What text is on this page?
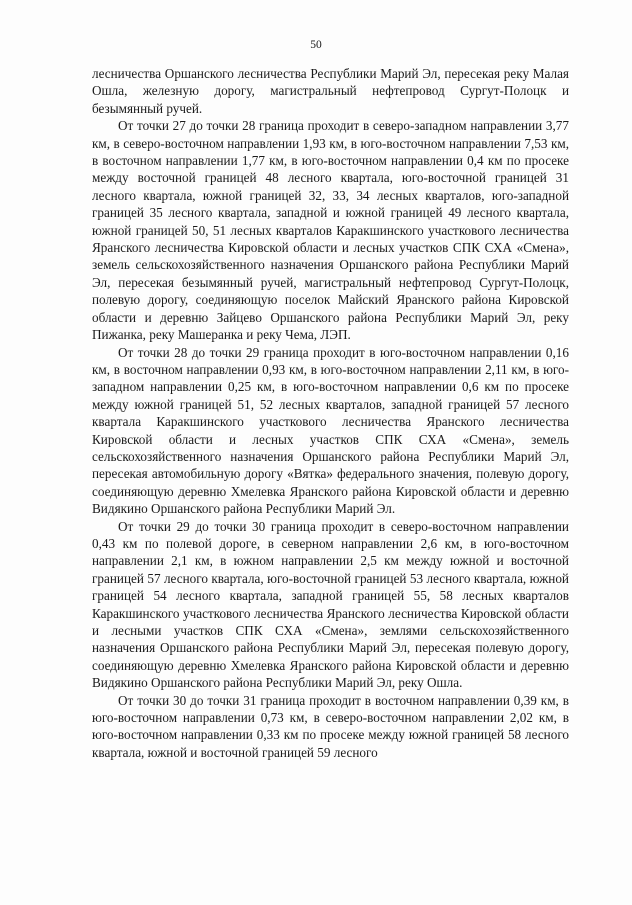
50

лесничества Оршанского лесничества Республики Марий Эл, пересекая реку Малая Ошла, железную дорогу, магистральный нефтепровод Сургут-Полоцк и безымянный ручей.

От точки 27 до точки 28 граница проходит в северо-западном направлении 3,77 км, в северо-восточном направлении 1,93 км, в юго-восточном направлении 7,53 км, в восточном направлении 1,77 км, в юго-восточном направлении 0,4 км по просеке между восточной границей 48 лесного квартала, юго-восточной границей 31 лесного квартала, южной границей 32, 33, 34 лесных кварталов, юго-западной границей 35 лесного квартала, западной и южной границей 49 лесного квартала, южной границей 50, 51 лесных кварталов Каракшинского участкового лесничества Яранского лесничества Кировской области и лесных участков СПК СХА «Смена», земель сельскохозяйственного назначения Оршанского района Республики Марий Эл, пересекая безымянный ручей, магистральный нефтепровод Сургут-Полоцк, полевую дорогу, соединяющую поселок Майский Яранского района Кировской области и деревню Зайцево Оршанского района Республики Марий Эл, реку Пижанка, реку Машеранка и реку Чема, ЛЭП.

От точки 28 до точки 29 граница проходит в юго-восточном направлении 0,16 км, в восточном направлении 0,93 км, в юго-восточном направлении 2,11 км, в юго-западном направлении 0,25 км, в юго-восточном направлении 0,6 км по просеке между южной границей 51, 52 лесных кварталов, западной границей 57 лесного квартала Каракшинского участкового лесничества Яранского лесничества Кировской области и лесных участков СПК СХА «Смена», земель сельскохозяйственного назначения Оршанского района Республики Марий Эл, пересекая автомобильную дорогу «Вятка» федерального значения, полевую дорогу, соединяющую деревню Хмелевка Яранского района Кировской области и деревню Видякино Оршанского района Республики Марий Эл.

От точки 29 до точки 30 граница проходит в северо-восточном направлении 0,43 км по полевой дороге, в северном направлении 2,6 км, в юго-восточном направлении 2,1 км, в южном направлении 2,5 км между южной и восточной границей 57 лесного квартала, юго-восточной границей 53 лесного квартала, южной границей 54 лесного квартала, западной границей 55, 58 лесных кварталов Каракшинского участкового лесничества Яранского лесничества Кировской области и лесными участков СПК СХА «Смена», землями сельскохозяйственного назначения Оршанского района Республики Марий Эл, пересекая полевую дорогу, соединяющую деревню Хмелевка Яранского района Кировской области и деревню Видякино Оршанского района Республики Марий Эл, реку Ошла.

От точки 30 до точки 31 граница проходит в восточном направлении 0,39 км, в юго-восточном направлении 0,73 км, в северо-восточном направлении 2,02 км, в юго-восточном направлении 0,33 км по просеке между южной границей 58 лесного квартала, южной и восточной границей 59 лесного
